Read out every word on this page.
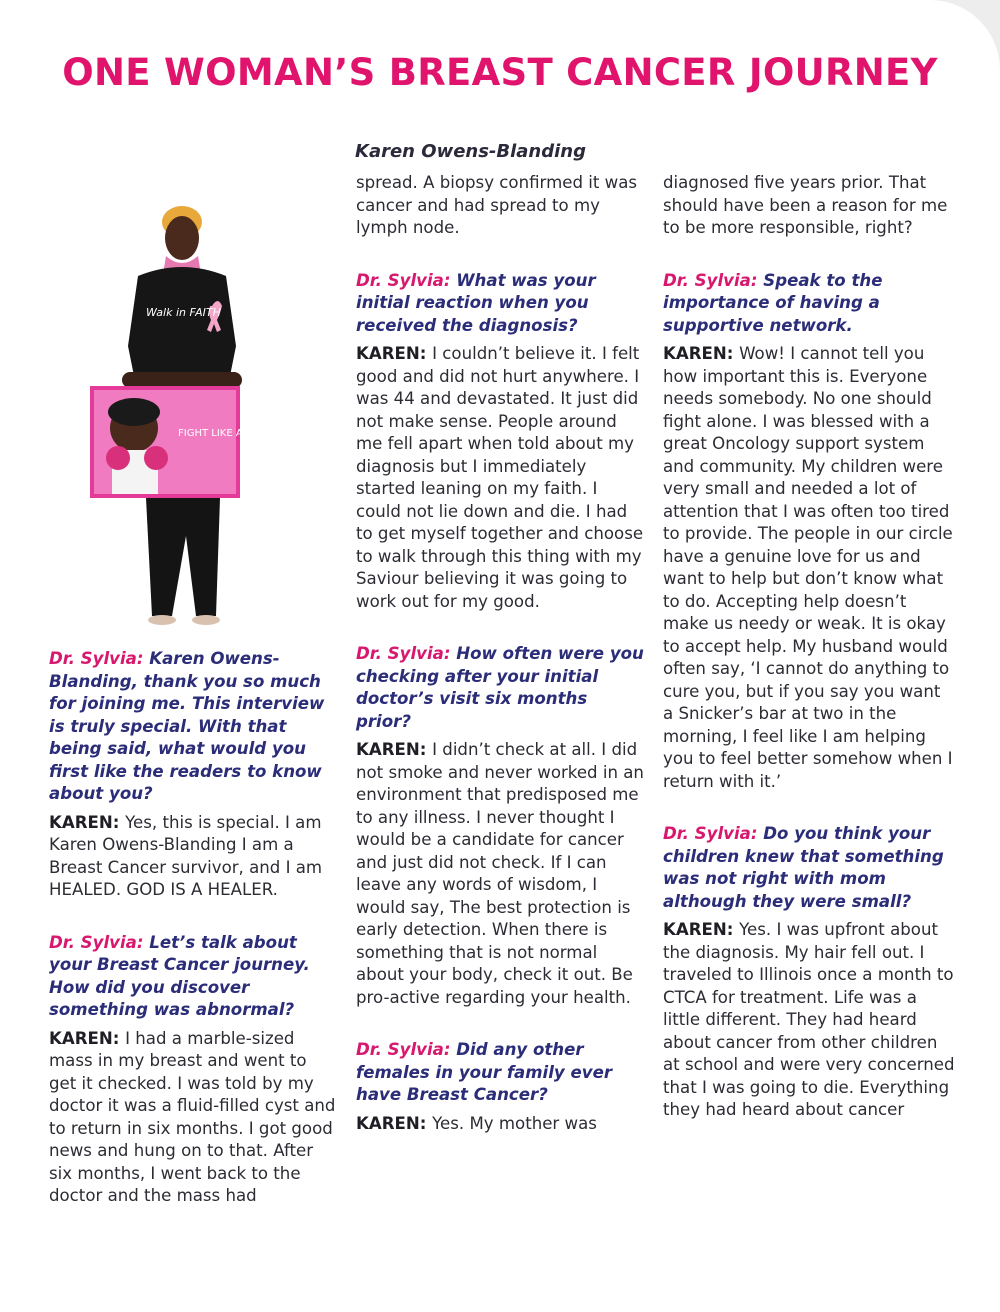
ONE WOMAN’S BREAST CANCER JOURNEY
Karen Owens-Blanding
Walk in FAITH
FIGHT LIKE A GIRL

Dr. Sylvia: Karen Owens-Blanding, thank you so much for joining me. This interview is truly special. With that being said, what would you first like the readers to know about you?

KAREN: Yes, this is special. I am Karen Owens-Blanding I am a Breast Cancer survivor, and I am HEALED. GOD IS A HEALER.

Dr. Sylvia: Let’s talk about your Breast Cancer journey. How did you discover something was abnormal?

KAREN: I had a marble-sized mass in my breast and went to get it checked. I was told by my doctor it was a fluid-filled cyst and to return in six months. I got good news and hung on to that. After six months, I went back to the doctor and the mass had

spread. A biopsy confirmed it was cancer and had spread to my lymph node.

Dr. Sylvia: What was your initial reaction when you received the diagnosis?

KAREN: I couldn’t believe it. I felt good and did not hurt anywhere. I was 44 and devastated. It just did not make sense. People around me fell apart when told about my diagnosis but I immediately started leaning on my faith. I could not lie down and die. I had to get myself together and choose to walk through this thing with my Saviour believing it was going to work out for my good.

Dr. Sylvia: How often were you checking after your initial doctor’s visit six months prior?

KAREN: I didn’t check at all. I did not smoke and never worked in an environment that predisposed me to any illness. I never thought I would be a candidate for cancer and just did not check. If I can leave any words of wisdom, I would say, The best protection is early detection. When there is something that is not normal about your body, check it out. Be pro-active regarding your health.

Dr. Sylvia: Did any other females in your family ever have Breast Cancer?

KAREN: Yes. My mother was

diagnosed five years prior. That should have been a reason for me to be more responsible, right?

Dr. Sylvia: Speak to the importance of having a supportive network.

KAREN: Wow! I cannot tell you how important this is. Everyone needs somebody. No one should fight alone. I was blessed with a great Oncology support system and community. My children were very small and needed a lot of attention that I was often too tired to provide. The people in our circle have a genuine love for us and want to help but don’t know what to do. Accepting help doesn’t make us needy or weak. It is okay to accept help. My husband would often say, ‘I cannot do anything to cure you, but if you say you want a Snicker’s bar at two in the morning, I feel like I am helping you to feel better somehow when I return with it.’

Dr. Sylvia: Do you think your children knew that something was not right with mom although they were small?

KAREN: Yes. I was upfront about the diagnosis. My hair fell out. I traveled to Illinois once a month to CTCA for treatment. Life was a little different. They had heard about cancer from other children at school and were very concerned that I was going to die. Everything they had heard about cancer
